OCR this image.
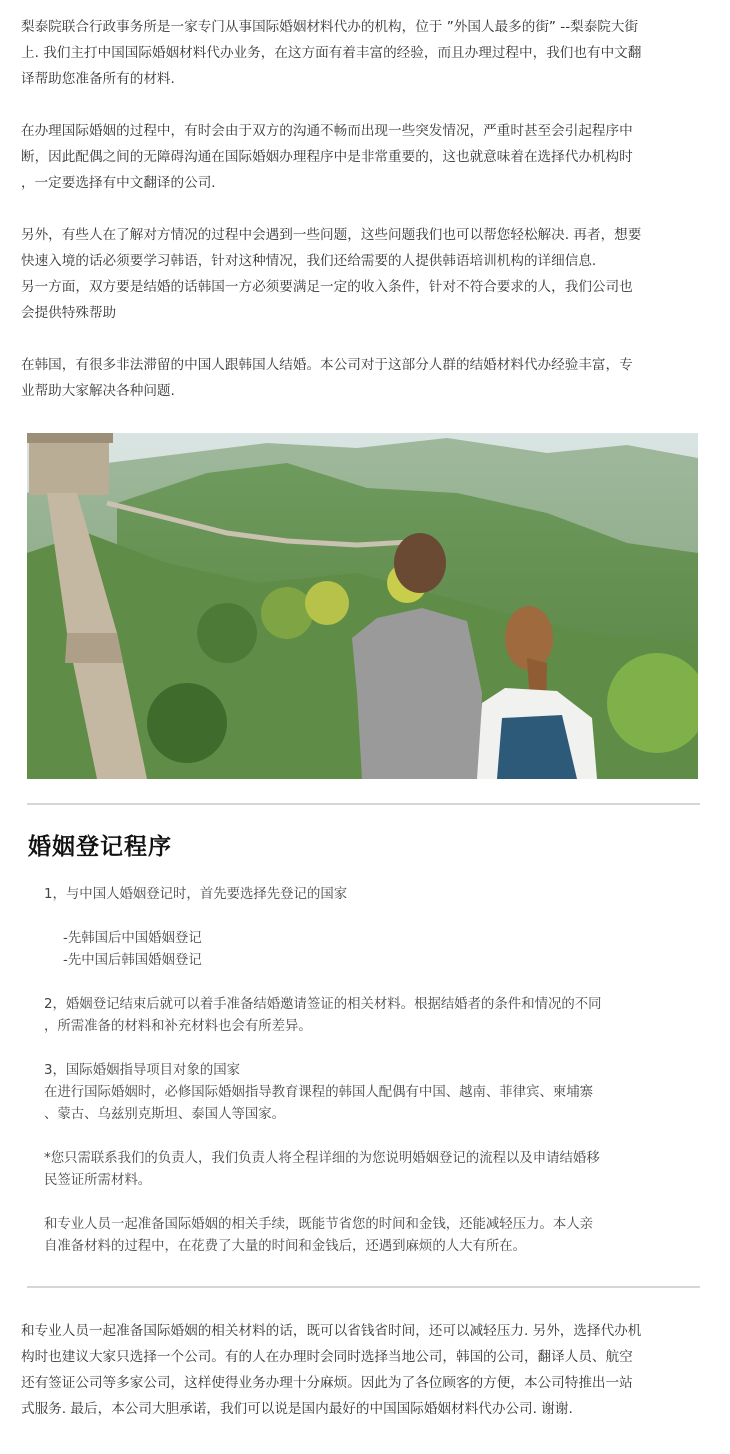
梨泰院联合行政事务所是一家专门从事国际婚姻材料代办的机构，位于 ”外国人最多的街” --梨泰院大街
上. 我们主打中国国际婚姻材料代办业务，在这方面有着丰富的经验，而且办理过程中，我们也有中文翻
译帮助您准备所有的材料.

在办理国际婚姻的过程中，有时会由于双方的沟通不畅而出现一些突发情况，严重时甚至会引起程序中
断，因此配偶之间的无障碍沟通在国际婚姻办理程序中是非常重要的，这也就意味着在选择代办机构时
，一定要选择有中文翻译的公司.

另外，有些人在了解对方情况的过程中会遇到一些问题，这些问题我们也可以帮您轻松解决. 再者，想要
快速入境的话必须要学习韩语，针对这种情况，我们还给需要的人提供韩语培训机构的详细信息.
另一方面，双方要是结婚的话韩国一方必须要满足一定的收入条件，针对不符合要求的人，我们公司也
会提供特殊帮助

在韩国，有很多非法滞留的中国人跟韩国人结婚。本公司对于这部分人群的结婚材料代办经验丰富，专
业帮助大家解决各种问题.

婚姻登记程序
1，与中国人婚姻登记时，首先要选择先登记的国家
-先韩国后中国婚姻登记
-先中国后韩国婚姻登记
2，婚姻登记结束后就可以着手准备结婚邀请签证的相关材料。根据结婚者的条件和情况的不同
，所需准备的材料和补充材料也会有所差异。
3，国际婚姻指导项目对象的国家
在进行国际婚姻时，必修国际婚姻指导教育课程的韩国人配偶有中国、越南、菲律宾、柬埔寨
、蒙古、乌兹别克斯坦、泰国人等国家。
*您只需联系我们的负责人，我们负责人将全程详细的为您说明婚姻登记的流程以及申请结婚移
民签证所需材料。
和专业人员一起准备国际婚姻的相关手续，既能节省您的时间和金钱，还能减轻压力。本人亲
自准备材料的过程中，在花费了大量的时间和金钱后，还遇到麻烦的人大有所在。

和专业人员一起准备国际婚姻的相关材料的话，既可以省钱省时间，还可以减轻压力. 另外，选择代办机
构时也建议大家只选择一个公司。有的人在办理时会同时选择当地公司，韩国的公司，翻译人员、航空
还有签证公司等多家公司，这样使得业务办理十分麻烦。因此为了各位顾客的方便，本公司特推出一站
式服务. 最后，本公司大胆承诺，我们可以说是国内最好的中国国际婚姻材料代办公司. 谢谢.
